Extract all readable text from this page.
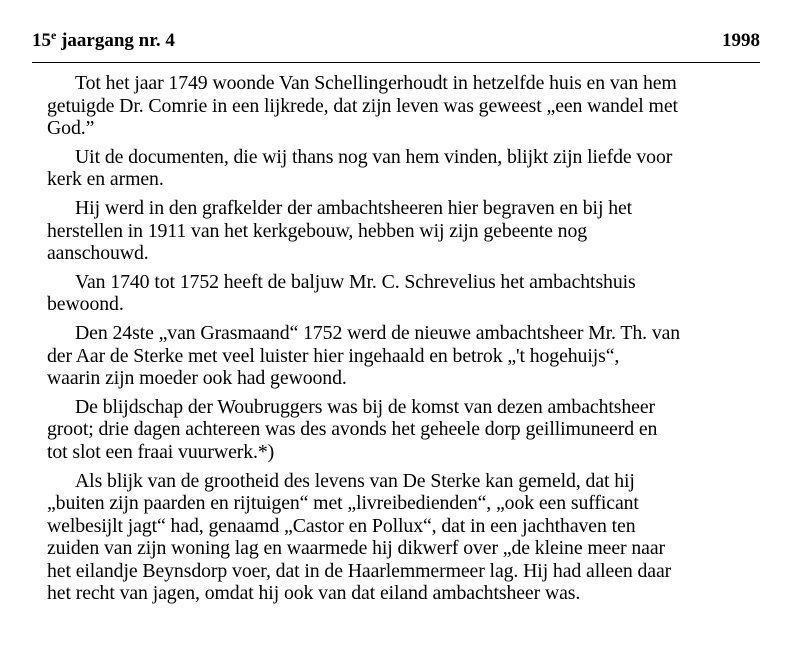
15e jaargang nr. 4	1998
Tot het jaar 1749 woonde Van Schellingerhoudt in hetzelfde huis en van hem
getuigde Dr. Comrie in een lijkrede, dat zijn leven was geweest „een wandel met
God.”
Uit de documenten, die wij thans nog van hem vinden, blijkt zijn liefde voor
kerk en armen.
Hij werd in den grafkelder der ambachtsheeren hier begraven en bij het
herstellen in 1911 van het kerkgebouw, hebben wij zijn gebeente nog
aanschouwd.
Van 1740 tot 1752 heeft de baljuw Mr. C. Schrevelius het ambachtshuis
bewoond.
Den 24ste „van Grasmaand“ 1752 werd de nieuwe ambachtsheer Mr. Th. van
der Aar de Sterke met veel luister hier ingehaald en betrok „'t hogehuijs“,
waarin zijn moeder ook had gewoond.
De blijdschap der Woubruggers was bij de komst van dezen ambachtsheer
groot; drie dagen achtereen was des avonds het geheele dorp geillimuneerd en
tot slot een fraai vuurwerk.*)
Als blijk van de grootheid des levens van De Sterke kan gemeld, dat hij
„buiten zijn paarden en rijtuigen“ met „livreibedienden“, „ook een sufficant
welbesijlt jagt“ had, genaamd „Castor en Pollux“, dat in een jachthaven ten
zuiden van zijn woning lag en waarmede hij dikwerf over „de kleine meer naar
het eilandje Beynsdorp voer, dat in de Haarlemmermeer lag. Hij had alleen daar
het recht van jagen, omdat hij ook van dat eiland ambachtsheer was.
